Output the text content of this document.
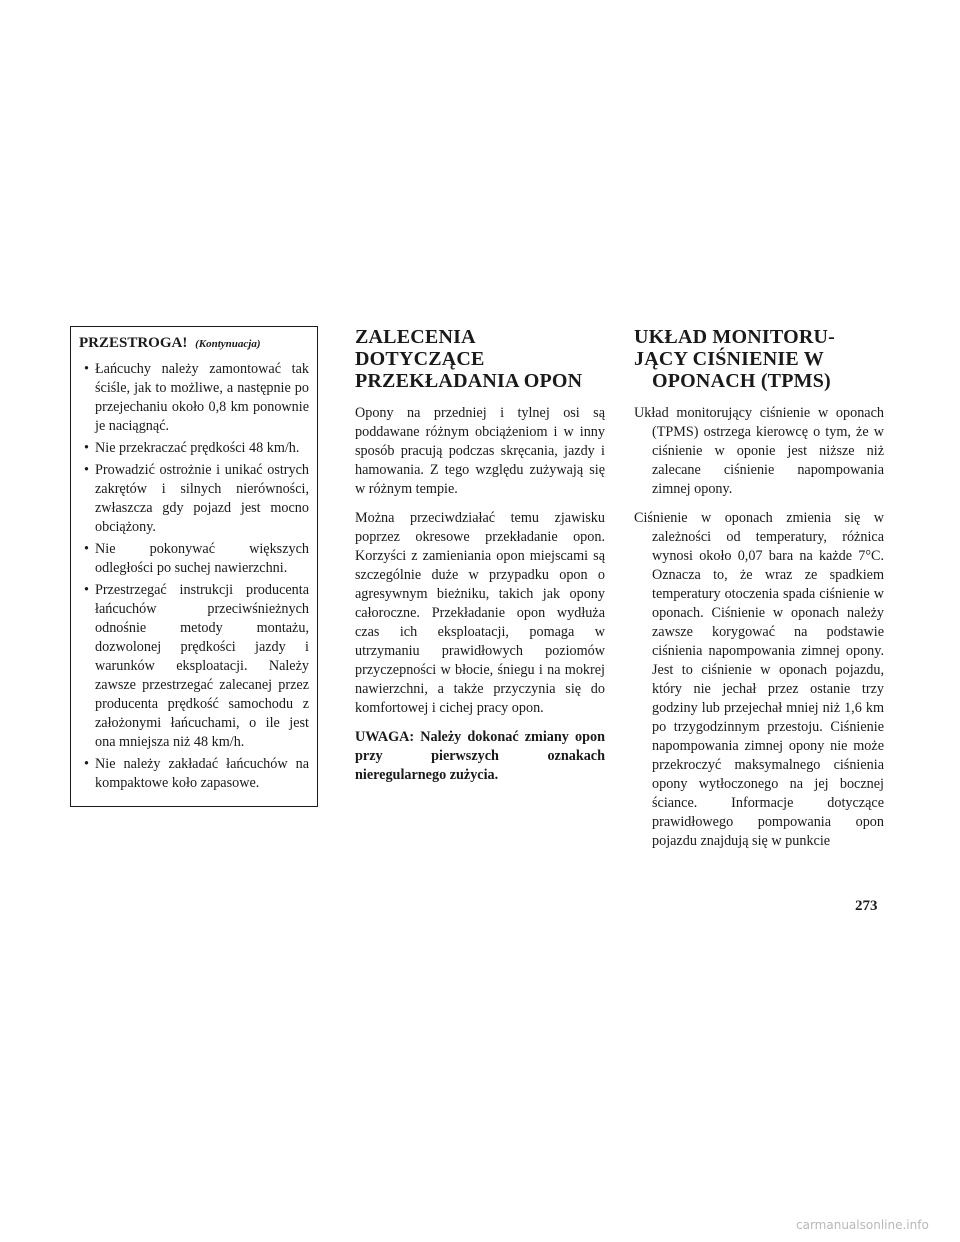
PRZESTROGA! (Kontynuacja)
• Łańcuchy należy zamontować tak ściśle, jak to możliwe, a następnie po przejechaniu około 0,8 km ponownie je naciągnąć.
• Nie przekraczać prędkości 48 km/h.
• Prowadzić ostrożnie i unikać ostrych zakrętów i silnych nierówności, zwłaszcza gdy pojazd jest mocno obciążony.
• Nie pokonywać większych odległości po suchej nawierzchni.
• Przestrzegać instrukcji producenta łańcuchów przeciwśnieżnych odnośnie metody montażu, dozwolonej prędkości jazdy i warunków eksploatacji. Należy zawsze przestrzegać zalecanej przez producenta prędkość samochodu z założonymi łańcuchami, o ile jest ona mniejsza niż 48 km/h.
• Nie należy zakładać łańcuchów na kompaktowe koło zapasowe.
ZALECENIA
DOTYCZĄCE
PRZEKŁADANIA OPON

Opony na przedniej i tylnej osi są poddawane różnym obciążeniom i w inny sposób pracują podczas skręcania, jazdy i hamowania. Z tego względu zużywają się w różnym tempie.

Można przeciwdziałać temu zjawisku poprzez okresowe przekładanie opon. Korzyści z zamieniania opon miejscami są szczególnie duże w przypadku opon o agresywnym bieżniku, takich jak opony całoroczne. Przekładanie opon wydłuża czas ich eksploatacji, pomaga w utrzymaniu prawidłowych poziomów przyczepności w błocie, śniegu i na mokrej nawierzchni, a także przyczynia się do komfortowej i cichej pracy opon.

UWAGA: Należy dokonać zmiany opon przy pierwszych oznakach nieregularnego zużycia.

UKŁAD MONITORU-
JĄCY CIŚNIENIE W
OPONACH (TPMS)

Układ monitorujący ciśnienie w oponach (TPMS) ostrzega kierowcę o tym, że w ciśnienie w oponie jest niższe niż zalecane ciśnienie napompowania zimnej opony.

Ciśnienie w oponach zmienia się w zależności od temperatury, różnica wynosi około 0,07 bara na każde 7°C. Oznacza to, że wraz ze spadkiem temperatury otoczenia spada ciśnienie w oponach. Ciśnienie w oponach należy zawsze korygować na podstawie ciśnienia napompowania zimnej opony. Jest to ciśnienie w oponach pojazdu, który nie jechał przez ostanie trzy godziny lub przejechał mniej niż 1,6 km po trzygodzinnym przestoju. Ciśnienie napompowania zimnej opony nie może przekroczyć maksymalnego ciśnienia opony wytłoczonego na jej bocznej ściance. Informacje dotyczące prawidłowego pompowania opon pojazdu znajdują się w punkcie

273
carmanualsonline.info
